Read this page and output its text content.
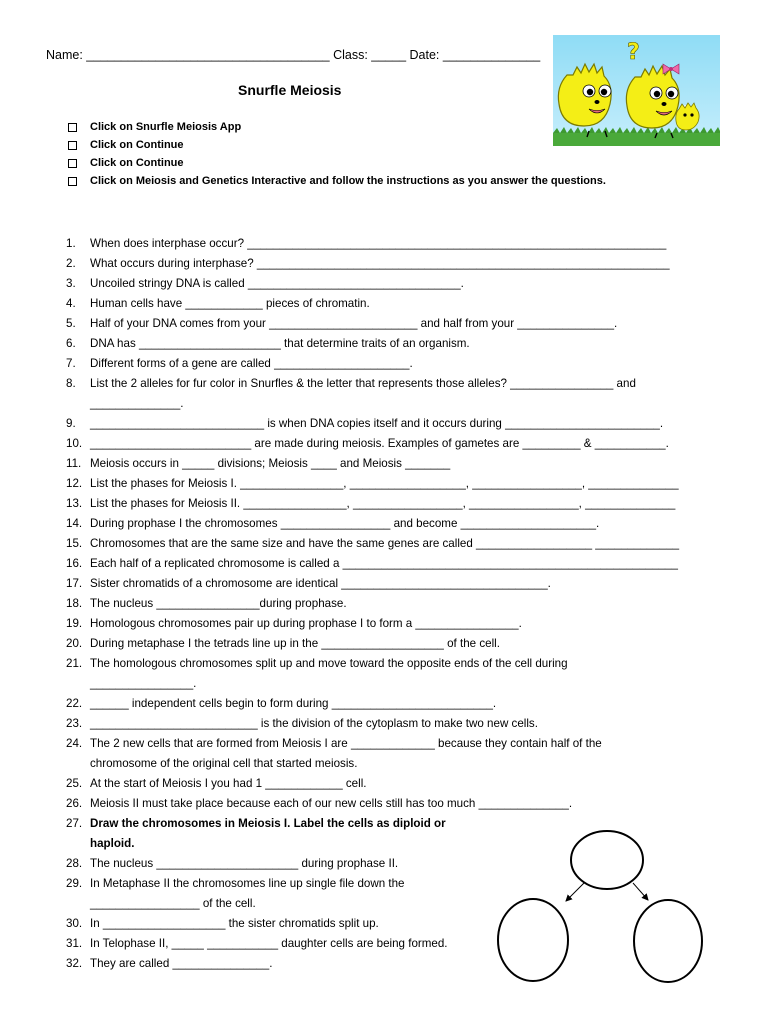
Name: ___________________________________ Class: _____ Date: ______________
Snurfle Meiosis
Click on Snurfle Meiosis App
Click on Continue
Click on Continue
Click on Meiosis and Genetics Interactive and follow the instructions as you answer the questions.
?
1.	When does interphase occur? _________________________________________________________________
2.	What occurs during interphase? ________________________________________________________________
3.	Uncoiled stringy DNA is called _________________________________.
4.	Human cells have ____________ pieces of chromatin.
5.	Half of your DNA comes from your _______________________ and half from your _______________.
6.	DNA has ______________________ that determine traits of an organism.
7.	Different forms of a gene are called _____________________.
8.	List the 2 alleles for fur color in Snurfles & the letter that represents those alleles? ________________ and
______________.
9.	___________________________ is when DNA copies itself and it occurs during ________________________.
10. _________________________ are made during meiosis. Examples of gametes are _________ & ___________.
11. Meiosis occurs in _____ divisions; Meiosis ____ and Meiosis _______
12. List the phases for Meiosis I. ________________, __________________, _________________, ______________
13. List the phases for Meiosis II. ________________, _________________, _________________, ______________
14. During prophase I the chromosomes _________________ and become _____________________.
15. Chromosomes that are the same size and have the same genes are called __________________ _____________
16. Each half of a replicated chromosome is called a ____________________________________________________
17. Sister chromatids of a chromosome are identical ________________________________.
18. The nucleus ________________during prophase.
19. Homologous chromosomes pair up during prophase I to form a ________________.
20. During metaphase I the tetrads line up in the ___________________ of the cell.
21. The homologous chromosomes split up and move toward the opposite ends of the cell during
________________.
22. ______ independent cells begin to form during _________________________.
23. __________________________ is the division of the cytoplasm to make two new cells.
24. The 2 new cells that are formed from Meiosis I are _____________ because they contain half of the
chromosome of the original cell that started meiosis.
25. At the start of Meiosis I you had 1 ____________ cell.
26. Meiosis II must take place because each of our new cells still has too much ______________.
27. Draw the chromosomes in Meiosis I. Label the cells as diploid or
haploid.
28. The nucleus ______________________ during prophase II.
29. In Metaphase II the chromosomes line up single file down the
_________________ of the cell.
30. In ___________________ the sister chromatids split up.
31. In Telophase II, _____ ___________ daughter cells are being formed.
32. They are called _______________.
